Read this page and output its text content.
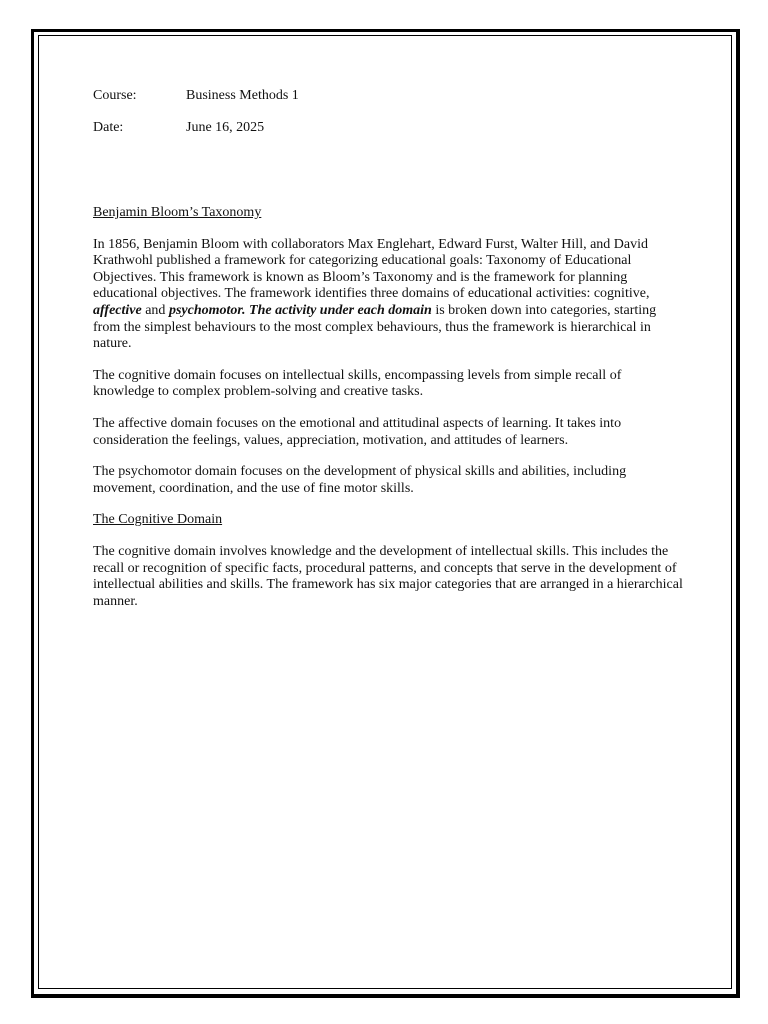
Course:	Business Methods 1
Date:	June 16, 2025
Benjamin Bloom’s Taxonomy

In 1856, Benjamin Bloom with collaborators Max Englehart, Edward Furst, Walter Hill, and David Krathwohl published a framework for categorizing educational goals: Taxonomy of Educational Objectives. This framework is known as Bloom’s Taxonomy and is the framework for planning educational objectives. The framework identifies three domains of educational activities: cognitive, affective and psychomotor. The activity under each domain is broken down into categories, starting from the simplest behaviours to the most complex behaviours, thus the framework is hierarchical in nature.

The cognitive domain focuses on intellectual skills, encompassing levels from simple recall of knowledge to complex problem-solving and creative tasks.

The affective domain focuses on the emotional and attitudinal aspects of learning. It takes into consideration the feelings, values, appreciation, motivation, and attitudes of learners.

The psychomotor domain focuses on the development of physical skills and abilities, including movement, coordination, and the use of fine motor skills.

The Cognitive Domain

The cognitive domain involves knowledge and the development of intellectual skills. This includes the recall or recognition of specific facts, procedural patterns, and concepts that serve in the development of intellectual abilities and skills. The framework has six major categories that are arranged in a hierarchical manner.
